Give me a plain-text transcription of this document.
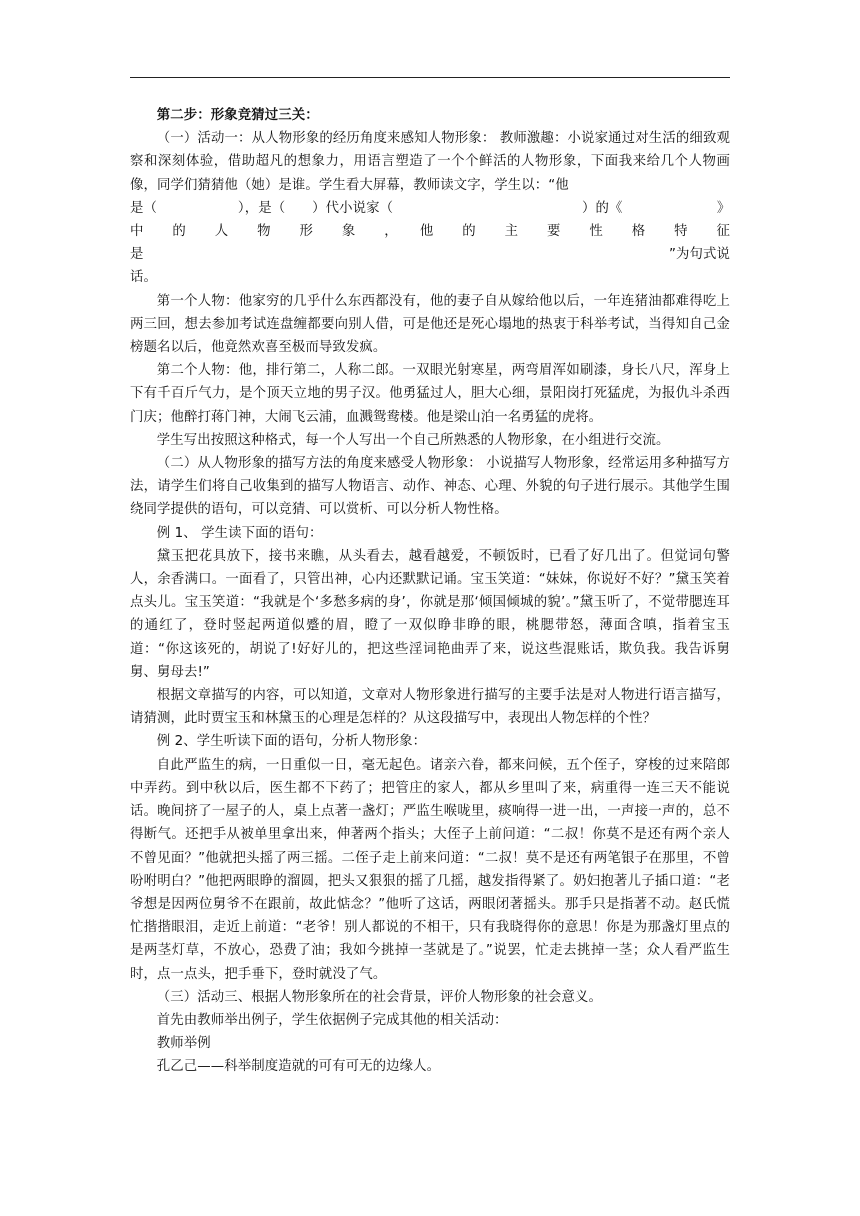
第二步：形象竞猜过三关：

（一）活动一：从人物形象的经历角度来感知人物形象： 教师激趣：小说家通过对生活的细致观察和深刻体验，借助超凡的想象力，用语言塑造了一个个鲜活的人物形象，下面我来给几个人物画像，同学们猜猜他（她）是谁。学生看大屏幕，教师读文字，学生以：“他

是（　　　　　　），是（　　）代小说家（　　　　　　　　　　　　　　）的《　　　　　　　》

中　的　人　物　形　象　，　他　的　主　要　性　格　特　征

是	”为句式说

话。

第一个人物：他家穷的几乎什么东西都没有，他的妻子自从嫁给他以后，一年连猪油都难得吃上两三回，想去参加考试连盘缠都要向别人借，可是他还是死心塌地的热衷于科举考试，当得知自己金榜题名以后，他竟然欢喜至极而导致发疯。

第二个人物：他，排行第二，人称二郎。一双眼光射寒星，两弯眉浑如刷漆，身长八尺，浑身上下有千百斤气力，是个顶天立地的男子汉。他勇猛过人，胆大心细，景阳岗打死猛虎，为报仇斗杀西门庆；他醉打蒋门神，大闹飞云浦，血溅鸳鸯楼。他是梁山泊一名勇猛的虎将。

学生写出按照这种格式，每一个人写出一个自己所熟悉的人物形象，在小组进行交流。

（二）从人物形象的描写方法的角度来感受人物形象： 小说描写人物形象，经常运用多种描写方法，请学生们将自己收集到的描写人物语言、动作、神态、心理、外貌的句子进行展示。其他学生围绕同学提供的语句，可以竞猜、可以赏析、可以分析人物性格。

例 1、 学生读下面的语句：

黛玉把花具放下，接书来瞧，从头看去，越看越爱，不顿饭时，已看了好几出了。但觉词句警人，余香满口。一面看了，只管出神，心内还默默记诵。宝玉笑道：“妹妹，你说好不好？”黛玉笑着点头儿。宝玉笑道：“我就是个‘多愁多病的身’，你就是那‘倾国倾城的貌’。”黛玉听了，不觉带腮连耳的通红了，登时竖起两道似蹙的眉，瞪了一双似睁非睁的眼，桃腮带怒，薄面含嗔，指着宝玉道：“你这该死的，胡说了!好好儿的，把这些淫词艳曲弄了来，说这些混账话，欺负我。我告诉舅舅、舅母去!”

根据文章描写的内容，可以知道，文章对人物形象进行描写的主要手法是对人物进行语言描写，请猜测，此时贾宝玉和林黛玉的心理是怎样的？从这段描写中，表现出人物怎样的个性？

例 2、学生听读下面的语句，分析人物形象：

自此严监生的病，一日重似一日，毫无起色。诸亲六眷，都来问候，五个侄子，穿梭的过来陪郎中弄药。到中秋以后，医生都不下药了；把管庄的家人，都从乡里叫了来，病重得一连三天不能说话。晚间挤了一屋子的人，桌上点著一盏灯；严监生喉咙里，痰响得一进一出，一声接一声的，总不得断气。还把手从被单里拿出来，伸著两个指头；大侄子上前问道：“二叔！你莫不是还有两个亲人不曾见面？”他就把头摇了两三摇。二侄子走上前来问道：“二叔！莫不是还有两笔银子在那里，不曾吩咐明白？”他把两眼睁的溜圆，把头又狠狠的摇了几摇，越发指得紧了。奶妇抱著儿子插口道：“老爷想是因两位舅爷不在跟前，故此惦念？”他听了这话，两眼闭著摇头。那手只是指著不动。赵氏慌忙揩揩眼泪，走近上前道：“老爷！别人都说的不相干，只有我晓得你的意思！你是为那盏灯里点的是两茎灯草，不放心，恐费了油；我如今挑掉一茎就是了。”说罢，忙走去挑掉一茎；众人看严监生时，点一点头，把手垂下，登时就没了气。

（三）活动三、根据人物形象所在的社会背景，评价人物形象的社会意义。

首先由教师举出例子，学生依据例子完成其他的相关活动：

教师举例

孔乙己——科举制度造就的可有可无的边缘人。
